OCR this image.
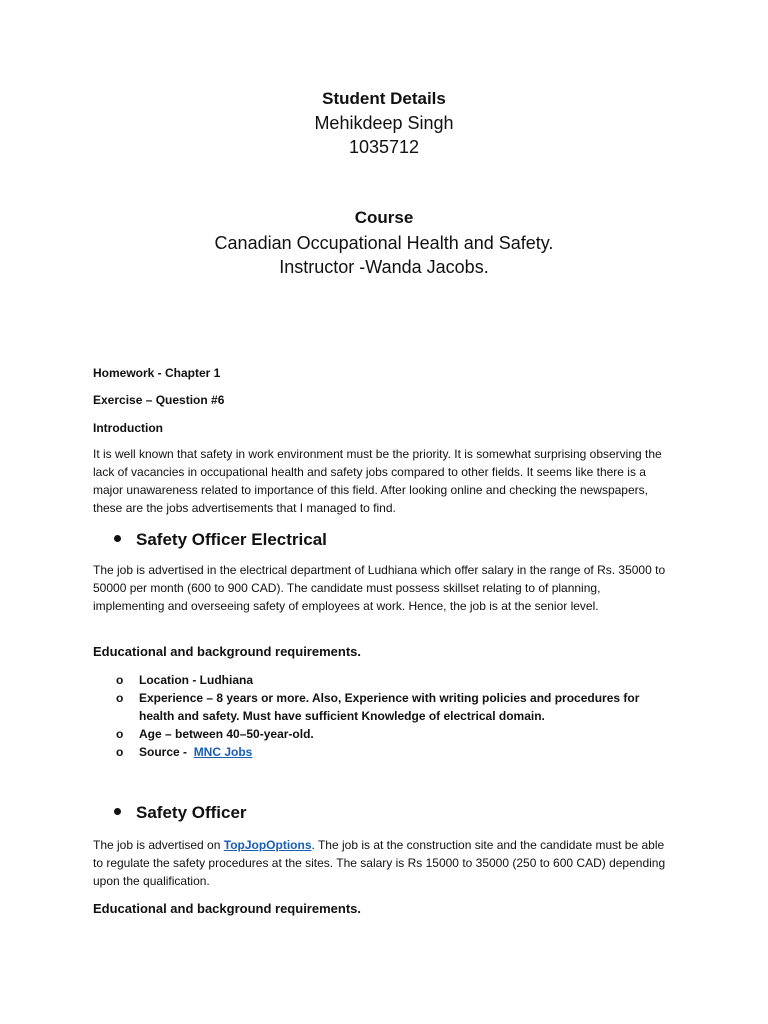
Student Details
Mehikdeep Singh
1035712
Course
Canadian Occupational Health and Safety.
Instructor -Wanda Jacobs.
Homework - Chapter 1
Exercise – Question #6
Introduction
It is well known that safety in work environment must be the priority. It is somewhat surprising observing the lack of vacancies in occupational health and safety jobs compared to other fields. It seems like there is a major unawareness related to importance of this field. After looking online and checking the newspapers, these are the jobs advertisements that I managed to find.
Safety Officer Electrical
The job is advertised in the electrical department of Ludhiana which offer salary in the range of Rs. 35000 to 50000 per month (600 to 900 CAD). The candidate must possess skillset relating to of planning, implementing and overseeing safety of employees at work. Hence, the job is at the senior level.
Educational and background requirements.
o Location - Ludhiana
o Experience – 8 years or more. Also, Experience with writing policies and procedures for health and safety. Must have sufficient Knowledge of electrical domain.
o Age – between 40–50-year-old.
o Source - MNC Jobs
Safety Officer
The job is advertised on TopJopOptions. The job is at the construction site and the candidate must be able to regulate the safety procedures at the sites. The salary is Rs 15000 to 35000 (250 to 600 CAD) depending upon the qualification.
Educational and background requirements.
